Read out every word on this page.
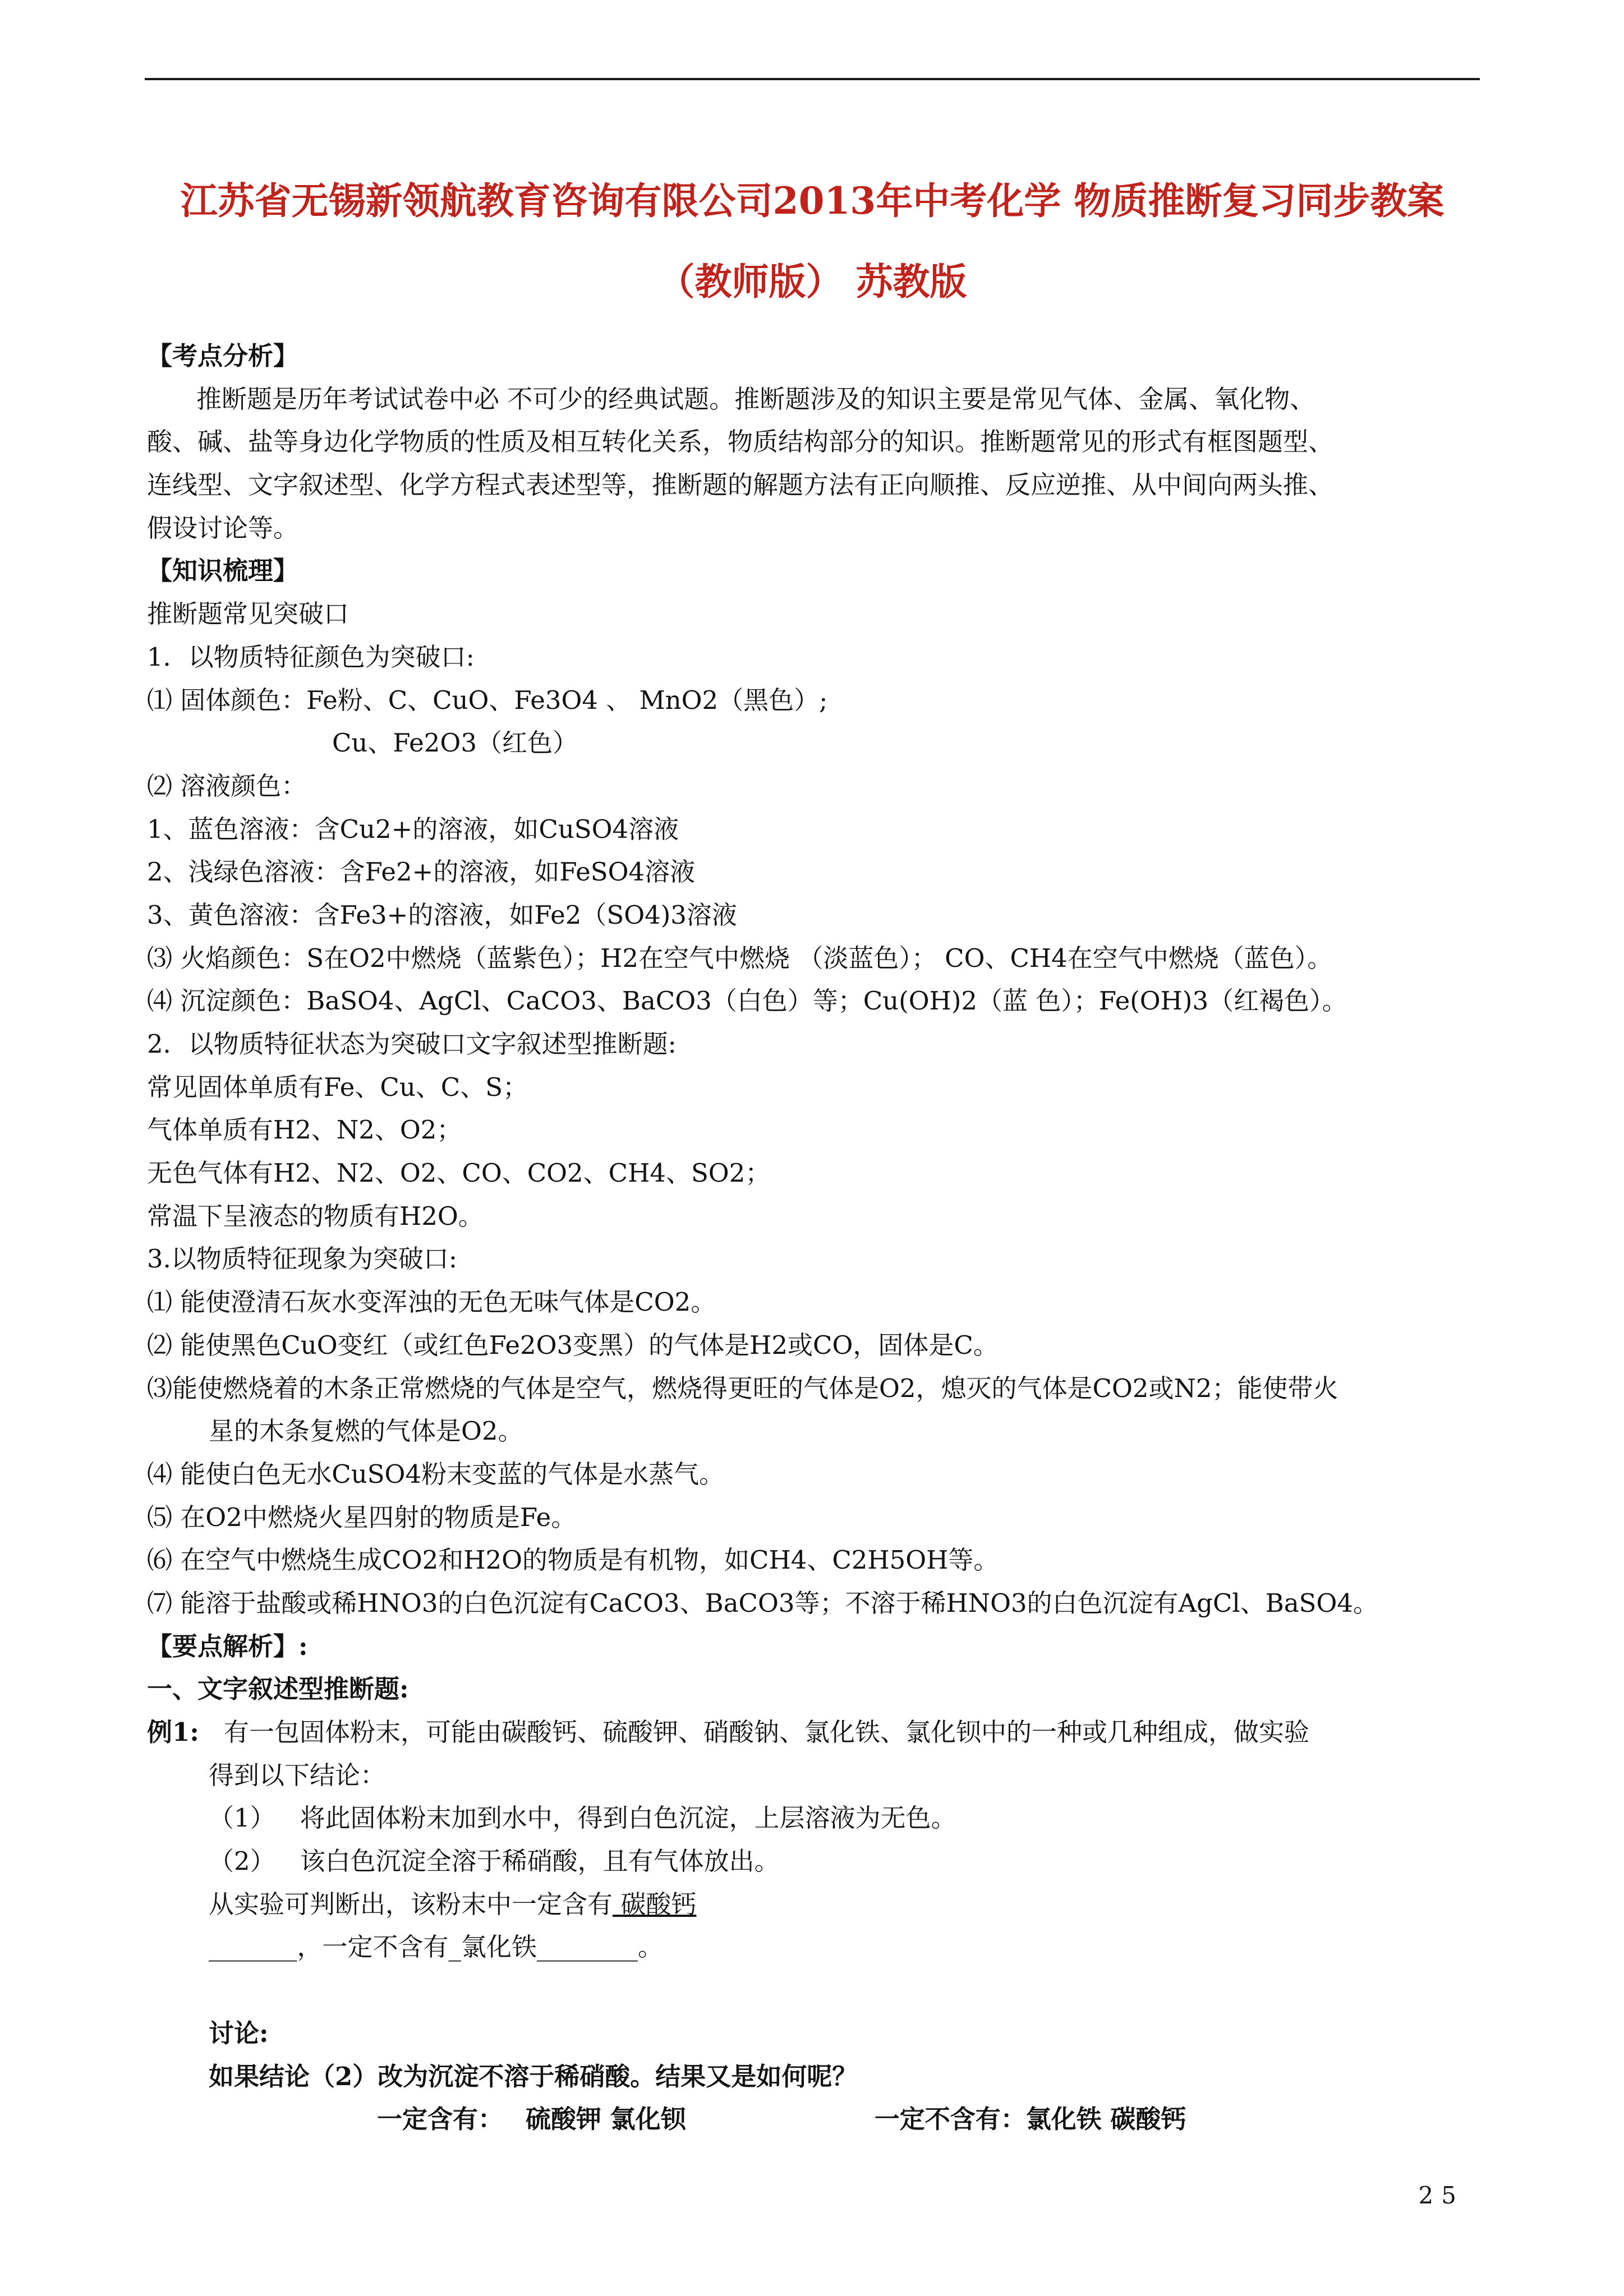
江苏省无锡新领航教育咨询有限公司2013年中考化学 物质推断复习同步教案
（教师版） 苏教版
【考点分析】
推断题是历年考试试卷中必 不可少的经典试题。推断题涉及的知识主要是常见气体、金属、氧化物、
酸、碱、盐等身边化学物质的性质及相互转化关系，物质结构部分的知识。推断题常见的形式有框图题型、
连线型、文字叙述型、化学方程式表述型等，推断题的解题方法有正向顺推、反应逆推、从中间向两头推、
假设讨论等。
【知识梳理】
推断题常见突破口
1．以物质特征颜色为突破口:
⑴ 固体颜色：Fe粉、C、CuO、Fe3O4 、 MnO2（黑色）;
Cu、Fe2O3（红色）
⑵ 溶液颜色：
1、蓝色溶液：含Cu2+的溶液，如CuSO4溶液
2、浅绿色溶液：含Fe2+的溶液，如FeSO4溶液
3、黄色溶液：含Fe3+的溶液，如Fe2（SO4)3溶液
⑶ 火焰颜色：S在O2中燃烧（蓝紫色）；H2在空气中燃烧 （淡蓝色）； CO、CH4在空气中燃烧（蓝色）。
⑷ 沉淀颜色：BaSO4、AgCl、CaCO3、BaCO3（白色）等；Cu(OH)2（蓝 色）；Fe(OH)3（红褐色）。
2．以物质特征状态为突破口文字叙述型推断题:
常见固体单质有Fe、Cu、C、S；
气体单质有H2、N2、O2；
无色气体有H2、N2、O2、CO、CO2、CH4、SO2；
常温下呈液态的物质有H2O。
3.以物质特征现象为突破口:
⑴ 能使澄清石灰水变浑浊的无色无味气体是CO2。
⑵ 能使黑色CuO变红（或红色Fe2O3变黑）的气体是H2或CO，固体是C。
⑶能使燃烧着的木条正常燃烧的气体是空气，燃烧得更旺的气体是O2，熄灭的气体是CO2或N2；能使带火
星的木条复燃的气体是O2。
⑷ 能使白色无水CuSO4粉末变蓝的气体是水蒸气。
⑸ 在O2中燃烧火星四射的物质是Fe。
⑹ 在空气中燃烧生成CO2和H2O的物质是有机物，如CH4、C2H5OH等。
⑺ 能溶于盐酸或稀HNO3的白色沉淀有CaCO3、BaCO3等；不溶于稀HNO3的白色沉淀有AgCl、BaSO4。
【要点解析】:
一、文字叙述型推断题:
例1: 有一包固体粉末，可能由碳酸钙、硫酸钾、硝酸钠、氯化铁、氯化钡中的一种或几种组成，做实验
得到以下结论：
（1） 将此固体粉末加到水中，得到白色沉淀，上层溶液为无色。
（2） 该白色沉淀全溶于稀硝酸，且有气体放出。
从实验可判断出，该粉末中一定含有 碳酸钙
_______，一定不含有_氯化铁________。
讨论:
如果结论（2）改为沉淀不溶于稀硝酸。结果又是如何呢？
一定含有： 硫酸钾 氯化钡	一定不含有：氯化铁 碳酸钙
25
